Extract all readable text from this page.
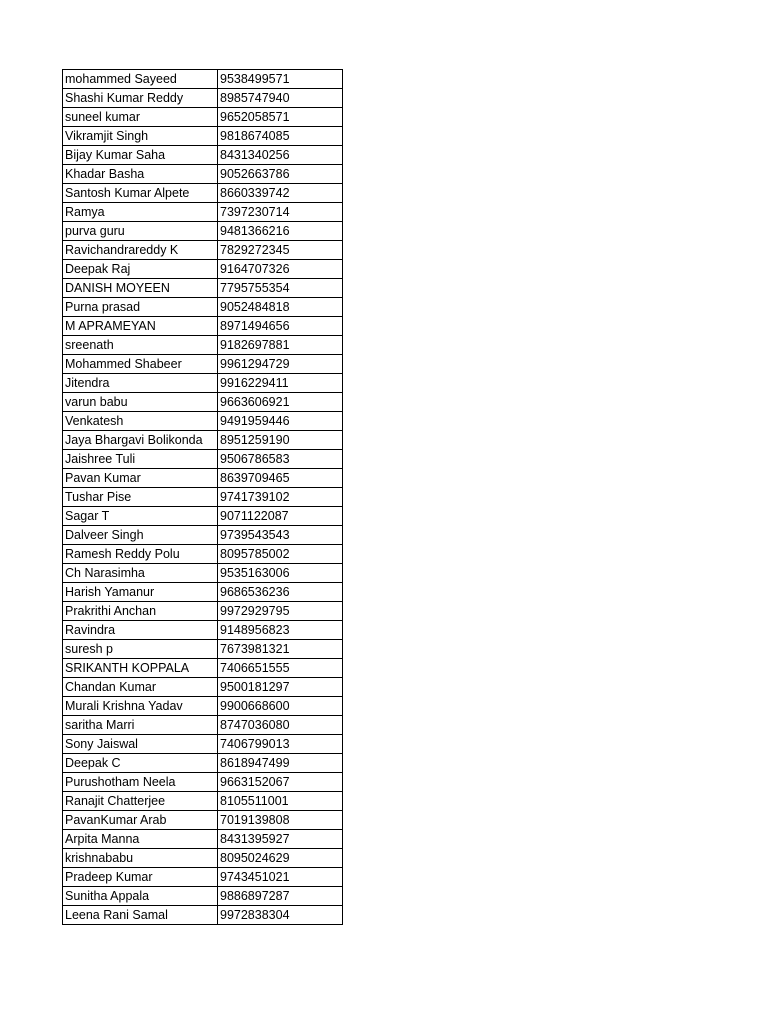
mohammed Sayeed	9538499571
Shashi Kumar Reddy	8985747940
suneel kumar	9652058571
Vikramjit Singh	9818674085
Bijay Kumar Saha	8431340256
Khadar Basha	9052663786
Santosh Kumar Alpete	8660339742
Ramya	7397230714
purva guru	9481366216
Ravichandrareddy K	7829272345
Deepak Raj	9164707326
DANISH MOYEEN	7795755354
Purna prasad	9052484818
M APRAMEYAN	8971494656
sreenath	9182697881
Mohammed Shabeer	9961294729
Jitendra	9916229411
varun babu	9663606921
Venkatesh	9491959446
Jaya Bhargavi Bolikonda	8951259190
Jaishree Tuli	9506786583
Pavan Kumar	8639709465
Tushar Pise	9741739102
Sagar T	9071122087
Dalveer Singh	9739543543
Ramesh Reddy Polu	8095785002
Ch Narasimha	9535163006
Harish Yamanur	9686536236
Prakrithi Anchan	9972929795
Ravindra	9148956823
suresh p	7673981321
SRIKANTH KOPPALA	7406651555
Chandan Kumar	9500181297
Murali Krishna Yadav	9900668600
saritha Marri	8747036080
Sony Jaiswal	7406799013
Deepak C	8618947499
Purushotham Neela	9663152067
Ranajit Chatterjee	8105511001
PavanKumar Arab	7019139808
Arpita Manna	8431395927
krishnababu	8095024629
Pradeep Kumar	9743451021
Sunitha Appala	9886897287
Leena Rani Samal	9972838304
